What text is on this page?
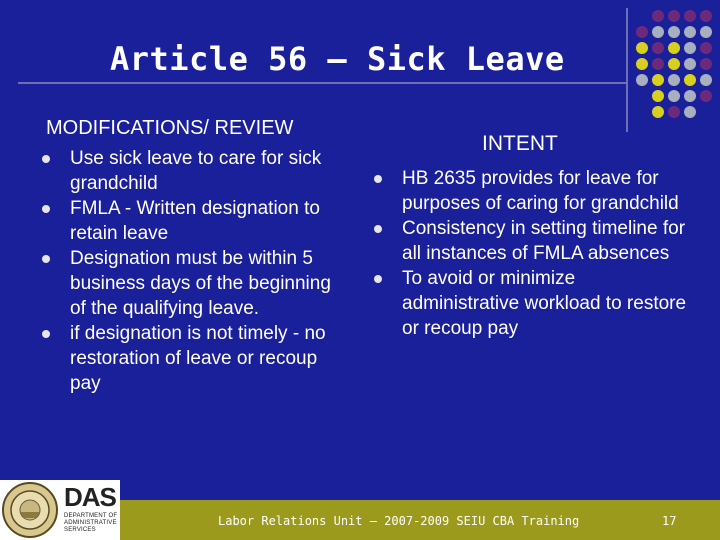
Article 56 – Sick Leave
MODIFICATIONS/ REVIEW
Use sick leave to care for sick grandchild
FMLA - Written designation to retain leave
Designation must be within 5 business days of the beginning of the qualifying leave.
if designation is not timely - no restoration of leave or recoup pay
INTENT
HB 2635 provides for leave for purposes of caring for grandchild
Consistency in setting timeline for all instances of FMLA absences
To avoid or minimize administrative workload to restore or recoup pay
DAS
DEPARTMENT OF ADMINISTRATIVE SERVICES
Labor Relations Unit – 2007-2009 SEIU CBA Training	17
